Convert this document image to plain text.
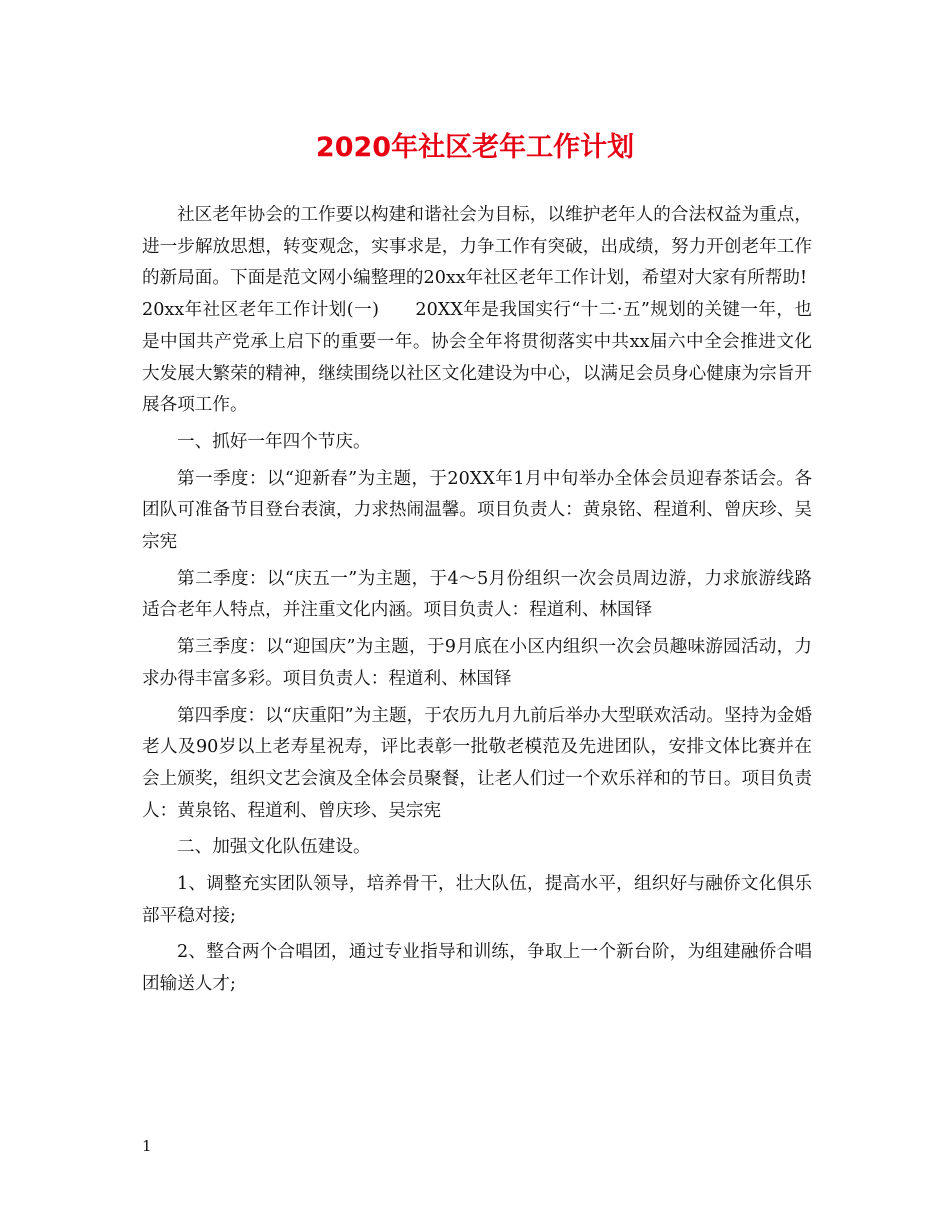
2020年社区老年工作计划

社区老年协会的工作要以构建和谐社会为目标，以维护老年人的合法权益为重点，进一步解放思想，转变观念，实事求是，力争工作有突破，出成绩，努力开创老年工作的新局面。下面是范文网小编整理的20xx年社区老年工作计划，希望对大家有所帮助!

20xx年社区老年工作计划(一)　　20XX年是我国实行“十二·五”规划的关键一年，也是中国共产党承上启下的重要一年。协会全年将贯彻落实中共xx届六中全会推进文化大发展大繁荣的精神，继续围绕以社区文化建设为中心，以满足会员身心健康为宗旨开展各项工作。

一、抓好一年四个节庆。

第一季度：以“迎新春”为主题，于20XX年1月中旬举办全体会员迎春茶话会。各团队可准备节目登台表演，力求热闹温馨。项目负责人：黄泉铭、程道利、曾庆珍、吴宗宪

第二季度：以“庆五一”为主题，于4～5月份组织一次会员周边游，力求旅游线路适合老年人特点，并注重文化内涵。项目负责人：程道利、林国铎

第三季度：以“迎国庆”为主题，于9月底在小区内组织一次会员趣味游园活动，力求办得丰富多彩。项目负责人：程道利、林国铎

第四季度：以“庆重阳”为主题，于农历九月九前后举办大型联欢活动。坚持为金婚老人及90岁以上老寿星祝寿，评比表彰一批敬老模范及先进团队，安排文体比赛并在会上颁奖，组织文艺会演及全体会员聚餐，让老人们过一个欢乐祥和的节日。项目负责人：黄泉铭、程道利、曾庆珍、吴宗宪

二、加强文化队伍建设。

1、调整充实团队领导，培养骨干，壮大队伍，提高水平，组织好与融侨文化俱乐部平稳对接;

2、整合两个合唱团，通过专业指导和训练，争取上一个新台阶，为组建融侨合唱团输送人才;

1
